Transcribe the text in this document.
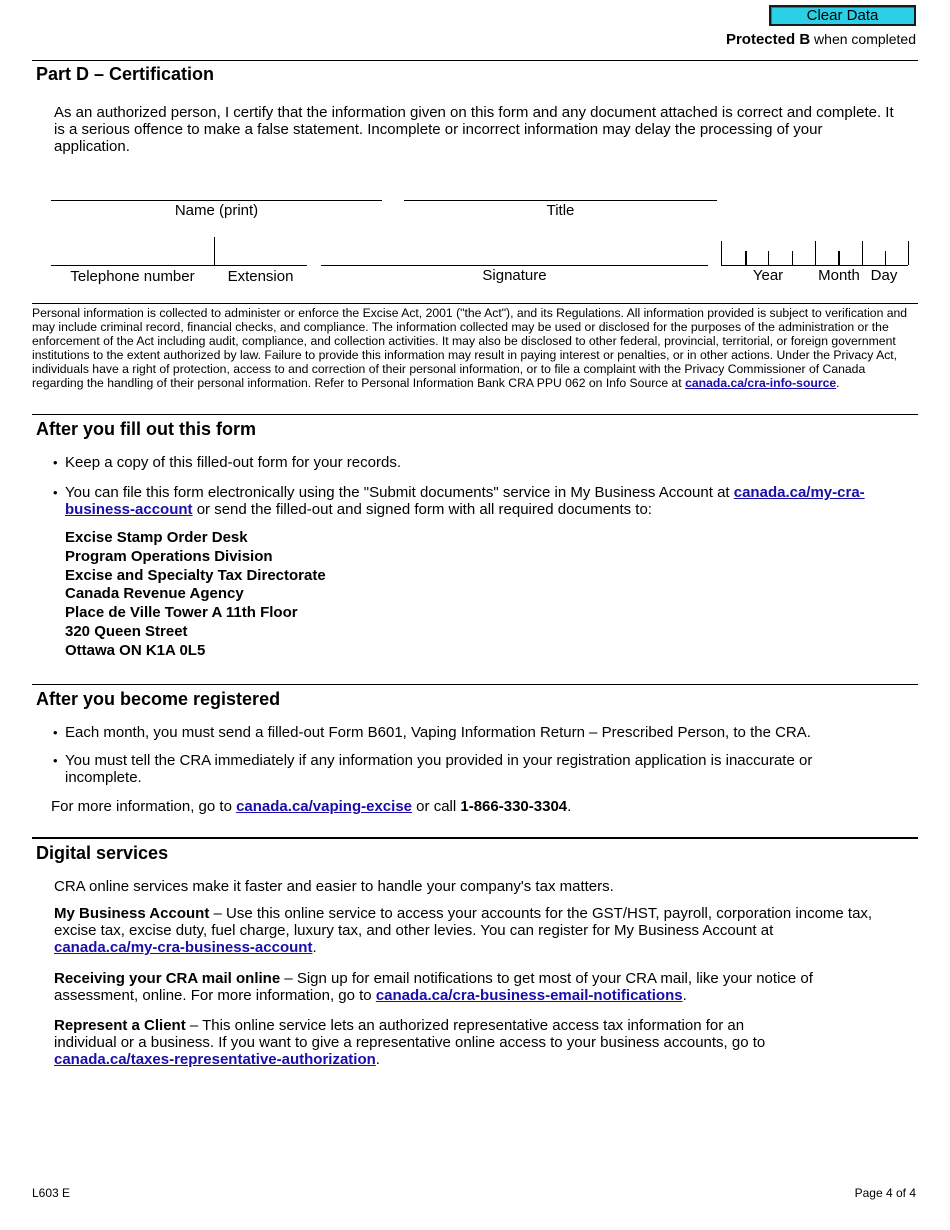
Clear Data
Protected B when completed
Part D – Certification
As an authorized person, I certify that the information given on this form and any document attached is correct and complete. It is a serious offence to make a false statement. Incomplete or incorrect information may delay the processing of your application.
Name (print)	Title
Telephone number	Extension	Signature	Year	Month Day
Personal information is collected to administer or enforce the Excise Act, 2001 ("the Act"), and its Regulations. All information provided is subject to verification and may include criminal record, financial checks, and compliance. The information collected may be used or disclosed for the purposes of the administration or the enforcement of the Act including audit, compliance, and collection activities. It may also be disclosed to other federal, provincial, territorial, or foreign government institutions to the extent authorized by law. Failure to provide this information may result in paying interest or penalties, or in other actions. Under the Privacy Act, individuals have a right of protection, access to and correction of their personal information, or to file a complaint with the Privacy Commissioner of Canada regarding the handling of their personal information. Refer to Personal Information Bank CRA PPU 062 on Info Source at canada.ca/cra-info-source.
After you fill out this form
• Keep a copy of this filled-out form for your records.
• You can file this form electronically using the "Submit documents" service in My Business Account at canada.ca/my-cra-business-account or send the filled-out and signed form with all required documents to:
Excise Stamp Order Desk
Program Operations Division
Excise and Specialty Tax Directorate
Canada Revenue Agency
Place de Ville Tower A 11th Floor
320 Queen Street
Ottawa ON K1A 0L5
After you become registered
• Each month, you must send a filled-out Form B601, Vaping Information Return – Prescribed Person, to the CRA.
• You must tell the CRA immediately if any information you provided in your registration application is inaccurate or incomplete.
For more information, go to canada.ca/vaping-excise or call 1-866-330-3304.
Digital services
CRA online services make it faster and easier to handle your company's tax matters.
My Business Account – Use this online service to access your accounts for the GST/HST, payroll, corporation income tax, excise tax, excise duty, fuel charge, luxury tax, and other levies. You can register for My Business Account at canada.ca/my-cra-business-account.
Receiving your CRA mail online – Sign up for email notifications to get most of your CRA mail, like your notice of assessment, online. For more information, go to canada.ca/cra-business-email-notifications.
Represent a Client – This online service lets an authorized representative access tax information for an individual or a business. If you want to give a representative online access to your business accounts, go to canada.ca/taxes-representative-authorization.
L603 E	Page 4 of 4
